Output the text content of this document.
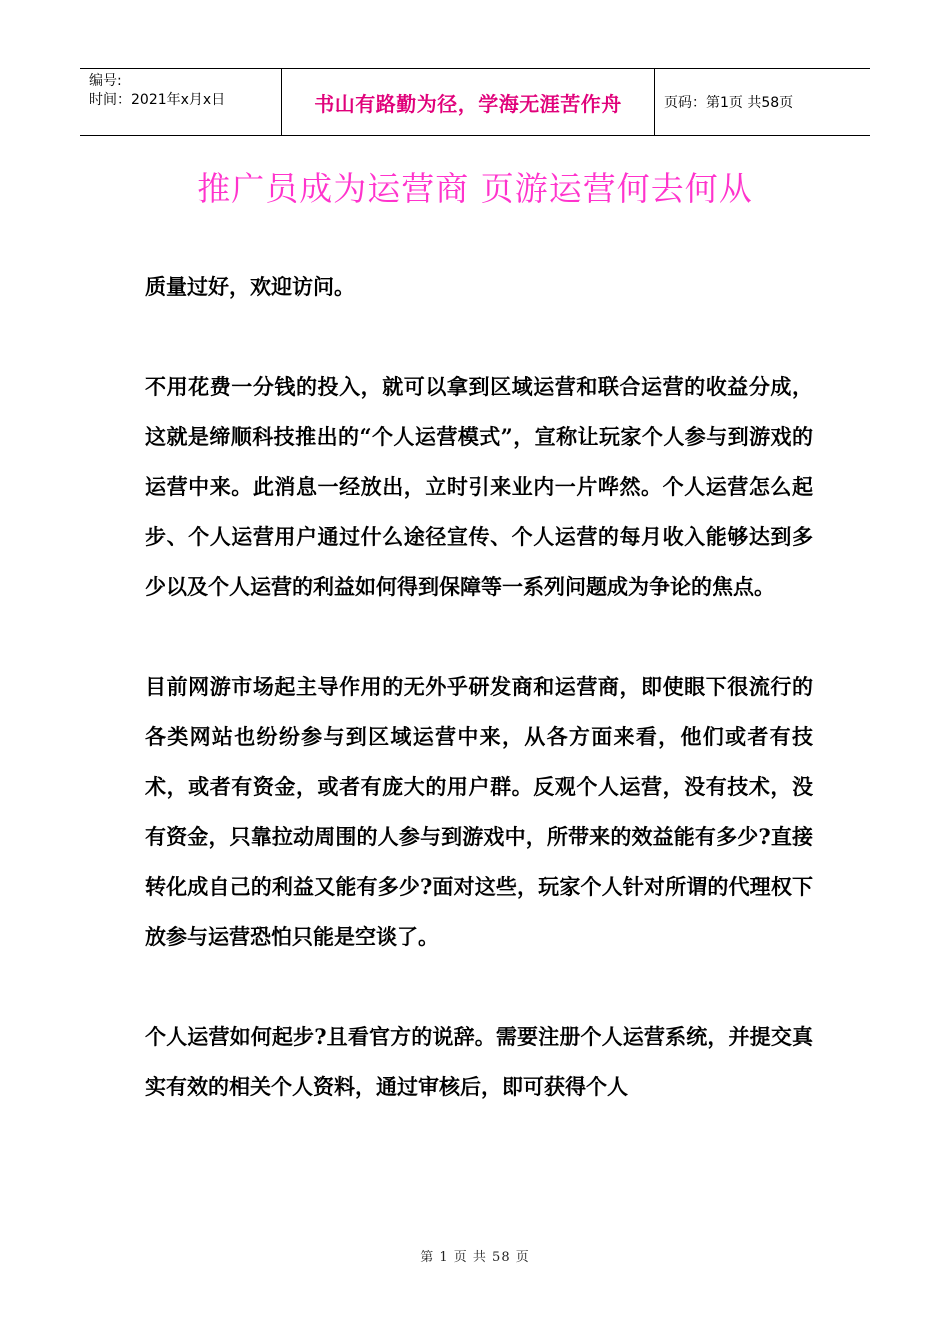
编号:
时间：2021年x月x日	书山有路勤为径，学海无涯苦作舟	页码：第1页 共58页
推广员成为运营商 页游运营何去何从

质量过好，欢迎访问。

不用花费一分钱的投入，就可以拿到区域运营和联合运营的收益分成，这就是缔顺科技推出的“个人运营模式”，宣称让玩家个人参与到游戏的运营中来。此消息一经放出，立时引来业内一片哗然。个人运营怎么起步、个人运营用户通过什么途径宣传、个人运营的每月收入能够达到多少以及个人运营的利益如何得到保障等一系列问题成为争论的焦点。

目前网游市场起主导作用的无外乎研发商和运营商，即使眼下很流行的各类网站也纷纷参与到区域运营中来，从各方面来看，他们或者有技术，或者有资金，或者有庞大的用户群。反观个人运营，没有技术，没有资金，只靠拉动周围的人参与到游戏中，所带来的效益能有多少?直接转化成自己的利益又能有多少?面对这些，玩家个人针对所谓的代理权下放参与运营恐怕只能是空谈了。

个人运营如何起步?且看官方的说辞。需要注册个人运营系统，并提交真实有效的相关个人资料，通过审核后，即可获得个人

第 1 页 共 58 页
